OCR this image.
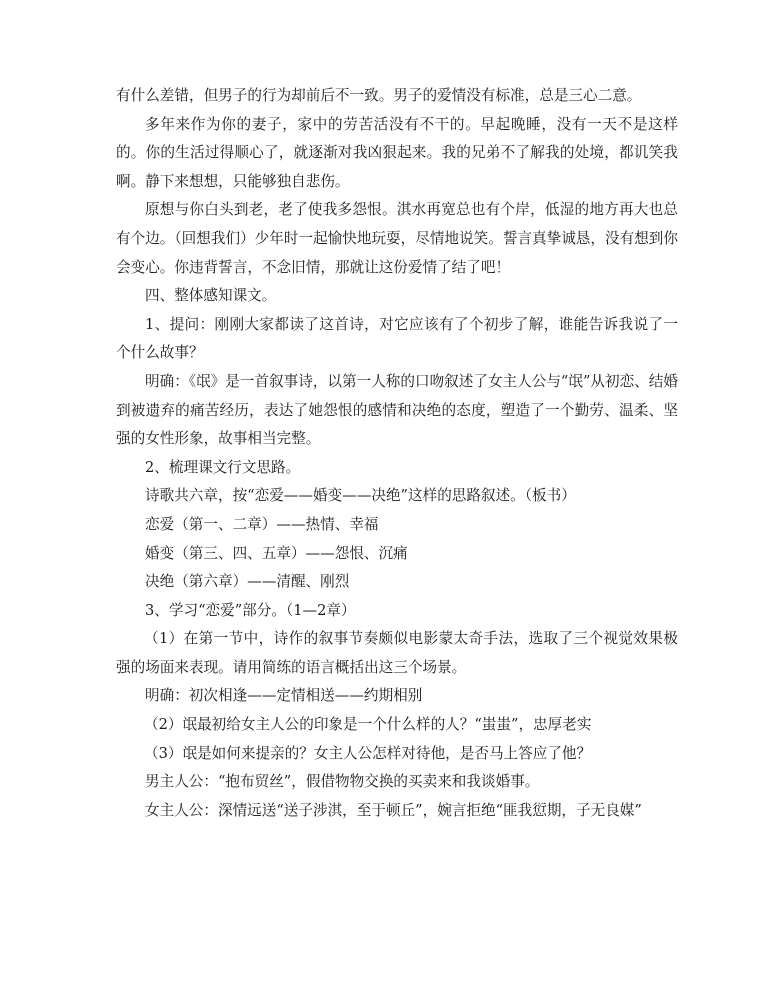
有什么差错，但男子的行为却前后不一致。男子的爱情没有标准，总是三心二意。

多年来作为你的妻子，家中的劳苦活没有不干的。早起晚睡，没有一天不是这样的。你的生活过得顺心了，就逐渐对我凶狠起来。我的兄弟不了解我的处境，都讥笑我啊。静下来想想，只能够独自悲伤。

原想与你白头到老，老了使我多怨恨。淇水再宽总也有个岸，低湿的地方再大也总有个边。（回想我们）少年时一起愉快地玩耍，尽情地说笑。誓言真挚诚恳，没有想到你会变心。你违背誓言，不念旧情，那就让这份爱情了结了吧！

四、整体感知课文。

1、提问：刚刚大家都读了这首诗，对它应该有了个初步了解，谁能告诉我说了一个什么故事？

明确：《氓》是一首叙事诗，以第一人称的口吻叙述了女主人公与“氓”从初恋、结婚到被遗弃的痛苦经历，表达了她怨恨的感情和决绝的态度，塑造了一个勤劳、温柔、坚强的女性形象，故事相当完整。

2、梳理课文行文思路。

诗歌共六章，按“恋爱——婚变——决绝”这样的思路叙述。（板书）

恋爱（第一、二章）——热情、幸福

婚变（第三、四、五章）——怨恨、沉痛

决绝（第六章）——清醒、刚烈

3、学习“恋爱”部分。（1—2章）

（1）在第一节中，诗作的叙事节奏颇似电影蒙太奇手法，选取了三个视觉效果极强的场面来表现。请用简练的语言概括出这三个场景。

明确：初次相逢——定情相送——约期相别

（2）氓最初给女主人公的印象是一个什么样的人？“蚩蚩”，忠厚老实

（3）氓是如何来提亲的？女主人公怎样对待他，是否马上答应了他？

男主人公：“抱布贸丝”，假借物物交换的买卖来和我谈婚事。

女主人公：深情远送“送子涉淇，至于顿丘”，婉言拒绝“匪我愆期，子无良媒”
